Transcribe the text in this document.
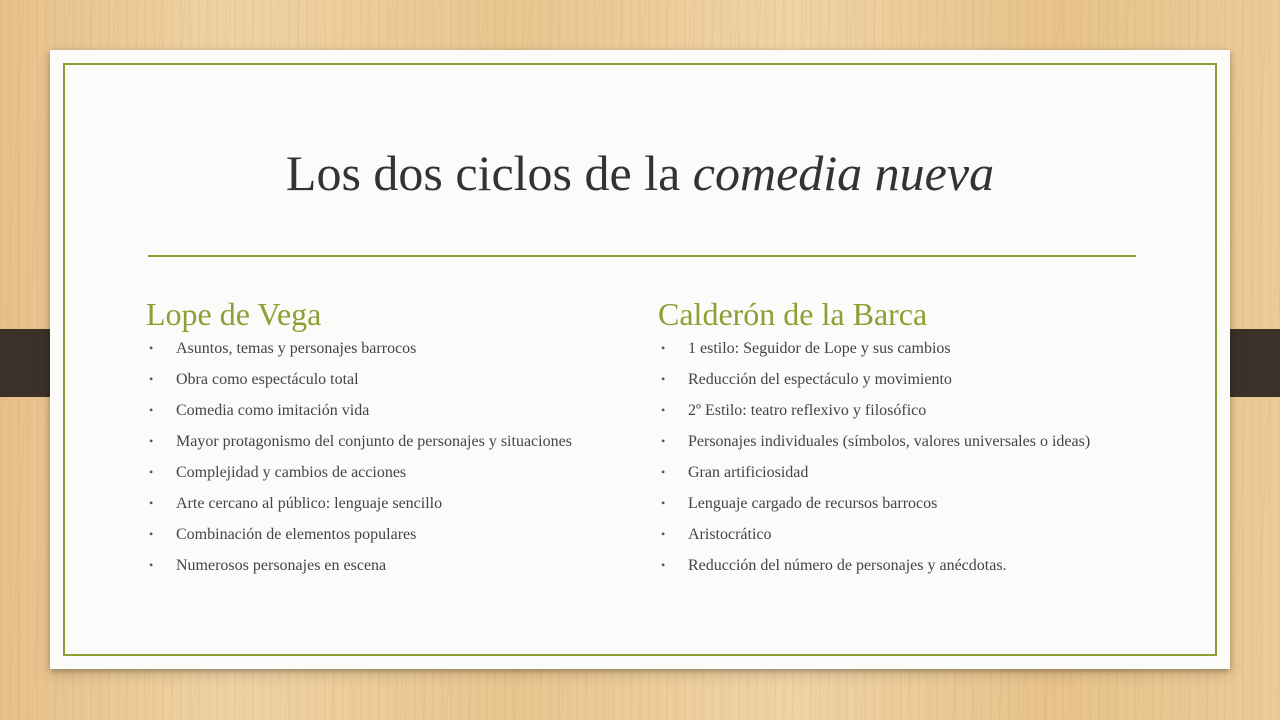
Los dos ciclos de la comedia nueva
Lope de Vega
• Asuntos, temas y personajes barrocos
• Obra como espectáculo total
• Comedia como imitación vida
• Mayor protagonismo del conjunto de personajes y situaciones
• Complejidad y cambios de acciones
• Arte cercano al público: lenguaje sencillo
• Combinación de elementos populares
• Numerosos personajes en escena
Calderón de la Barca
• 1 estilo: Seguidor de Lope y sus cambios
• Reducción del espectáculo y movimiento
• 2º Estilo: teatro reflexivo y filosófico
• Personajes individuales (símbolos, valores universales o ideas)
• Gran artificiosidad
• Lenguaje cargado de recursos barrocos
• Aristocrático
• Reducción del número de personajes y anécdotas.
